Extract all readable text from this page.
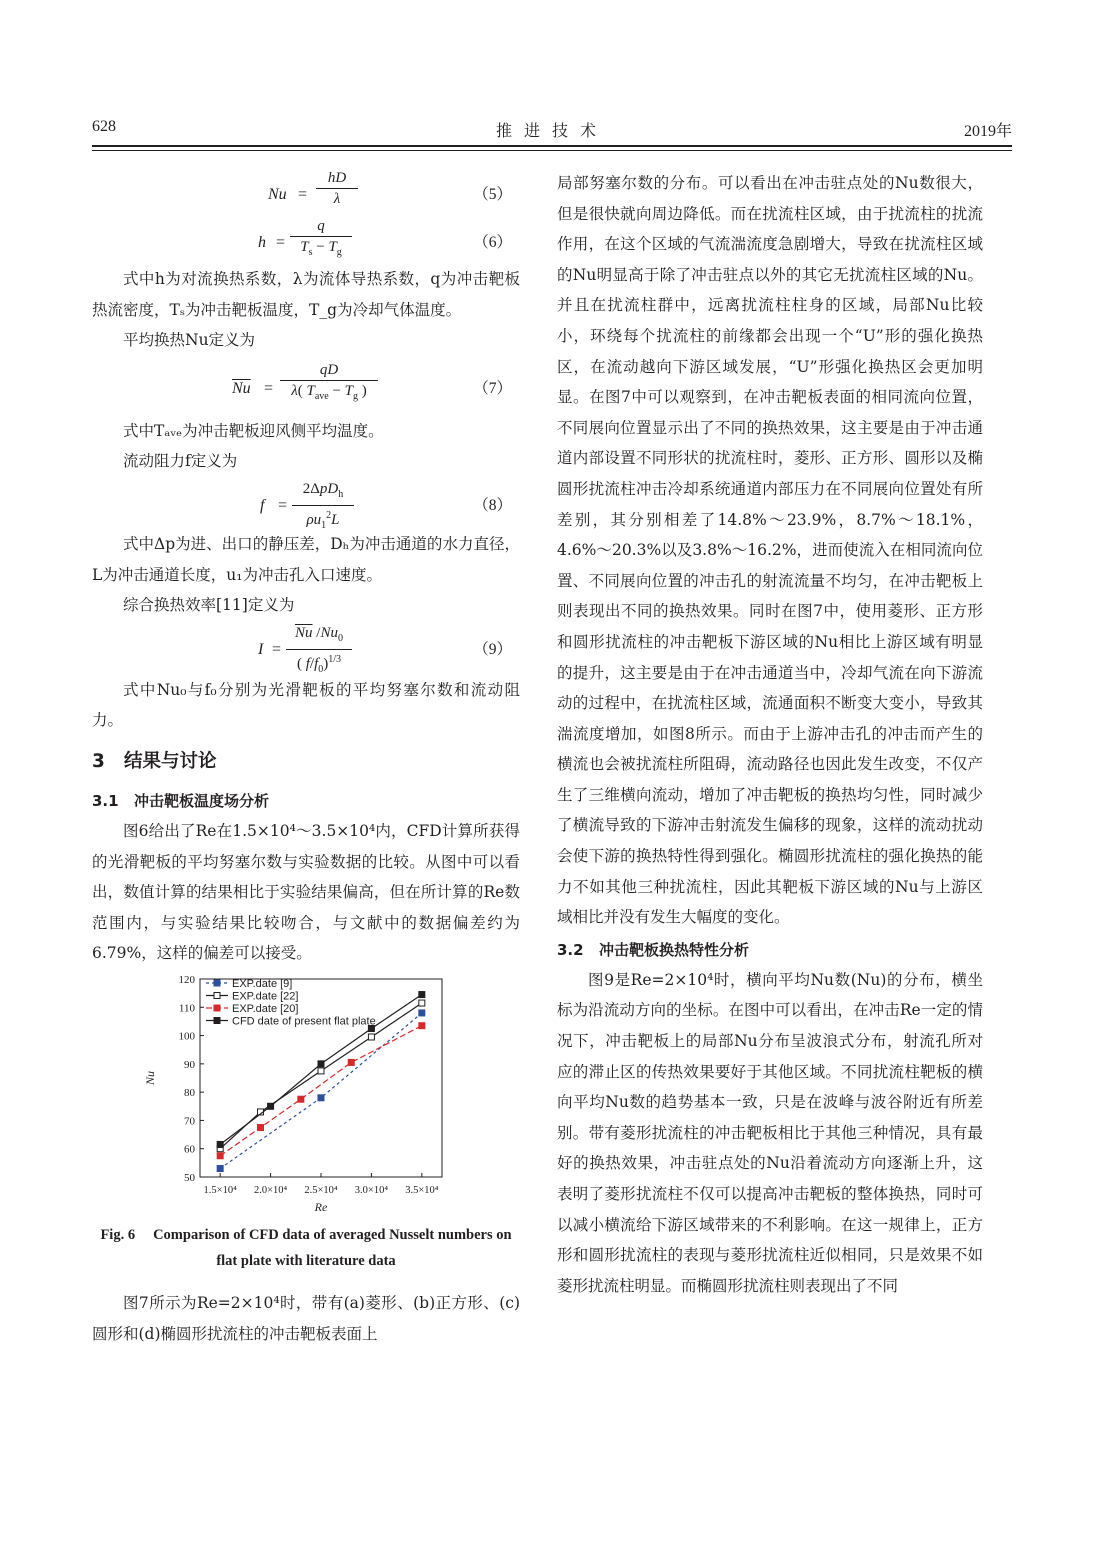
628	推进技术	2019年
Nu =
hD
λ	（5）
h =
q
$T_s - T_g$
（6）

式中h为对流换热系数，λ为流体导热系数，q为冲击靶板热流密度，Tₛ为冲击靶板温度，T_g为冷却气体温度。

平均换热Nu定义为

$\overline{Nu}$ =
qD
λ( $T_{ave} - T_g$ )	（7）

式中Tₐᵥₑ为冲击靶板迎风侧平均温度。

流动阻力f定义为

f =
2ΔpD$_h$
$\rho u_1^2L$
（8）

式中Δp为进、出口的静压差，Dₕ为冲击通道的水力直径，L为冲击通道长度，u₁为冲击孔入口速度。

综合换热效率[11]定义为

I =
$\overline{Nu}$ $/Nu_0$
( $f/f_0)^{1/3}$
（9）

式中Nu₀与f₀分别为光滑靶板的平均努塞尔数和流动阻力。

3 结果与讨论
3.1 冲击靶板温度场分析

图6给出了Re在1.5×10⁴～3.5×10⁴内，CFD计算所获得的光滑靶板的平均努塞尔数与实验数据的比较。从图中可以看出，数值计算的结果相比于实验结果偏高，但在所计算的Re数范围内，与实验结果比较吻合，与文献中的数据偏差约为6.79%，这样的偏差可以接受。

50
60
70
80
90
100
110
120
1.5×10⁴ 2.0×10⁴ 2.5×10⁴ 3.0×10⁴ 3.5×10⁴
Re
Nu
EXP.date [9]
EXP.date [22]
EXP.date [20]
CFD date of present flat plate
Fig. 6 Comparison of CFD data of averaged Nusselt numbers on flat plate with literature data

图7所示为Re=2×10⁴时，带有(a)菱形、(b)正方形、(c)圆形和(d)椭圆形扰流柱的冲击靶板表面上

局部努塞尔数的分布。可以看出在冲击驻点处的Nu数很大，但是很快就向周边降低。而在扰流柱区域，由于扰流柱的扰流作用，在这个区域的气流湍流度急剧增大，导致在扰流柱区域的Nu明显高于除了冲击驻点以外的其它无扰流柱区域的Nu。并且在扰流柱群中，远离扰流柱柱身的区域，局部Nu比较小，环绕每个扰流柱的前缘都会出现一个“U”形的强化换热区，在流动越向下游区域发展，“U”形强化换热区会更加明显。在图7中可以观察到，在冲击靶板表面的相同流向位置，不同展向位置显示出了不同的换热效果，这主要是由于冲击通道内部设置不同形状的扰流柱时，菱形、正方形、圆形以及椭圆形扰流柱冲击冷却系统通道内部压力在不同展向位置处有所差别，其分别相差了14.8%～23.9%，8.7%～18.1%，4.6%～20.3%以及3.8%～16.2%，进而使流入在相同流向位置、不同展向位置的冲击孔的射流流量不均匀，在冲击靶板上则表现出不同的换热效果。同时在图7中，使用菱形、正方形和圆形扰流柱的冲击靶板下游区域的Nu相比上游区域有明显的提升，这主要是由于在冲击通道当中，冷却气流在向下游流动的过程中，在扰流柱区域，流通面积不断变大变小，导致其湍流度增加，如图8所示。而由于上游冲击孔的冲击而产生的横流也会被扰流柱所阻碍，流动路径也因此发生改变，不仅产生了三维横向流动，增加了冲击靶板的换热均匀性，同时减少了横流导致的下游冲击射流发生偏移的现象，这样的流动扰动会使下游的换热特性得到强化。椭圆形扰流柱的强化换热的能力不如其他三种扰流柱，因此其靶板下游区域的Nu与上游区域相比并没有发生大幅度的变化。

3.2 冲击靶板换热特性分析

图9是Re=2×10⁴时，横向平均Nu数(Nu)的分布，横坐标为沿流动方向的坐标。在图中可以看出，在冲击Re一定的情况下，冲击靶板上的局部Nu分布呈波浪式分布，射流孔所对应的滞止区的传热效果要好于其他区域。不同扰流柱靶板的横向平均Nu数的趋势基本一致，只是在波峰与波谷附近有所差别。带有菱形扰流柱的冲击靶板相比于其他三种情况，具有最好的换热效果，冲击驻点处的Nu沿着流动方向逐渐上升，这表明了菱形扰流柱不仅可以提高冲击靶板的整体换热，同时可以减小横流给下游区域带来的不利影响。在这一规律上，正方形和圆形扰流柱的表现与菱形扰流柱近似相同，只是效果不如菱形扰流柱明显。而椭圆形扰流柱则表现出了不同
